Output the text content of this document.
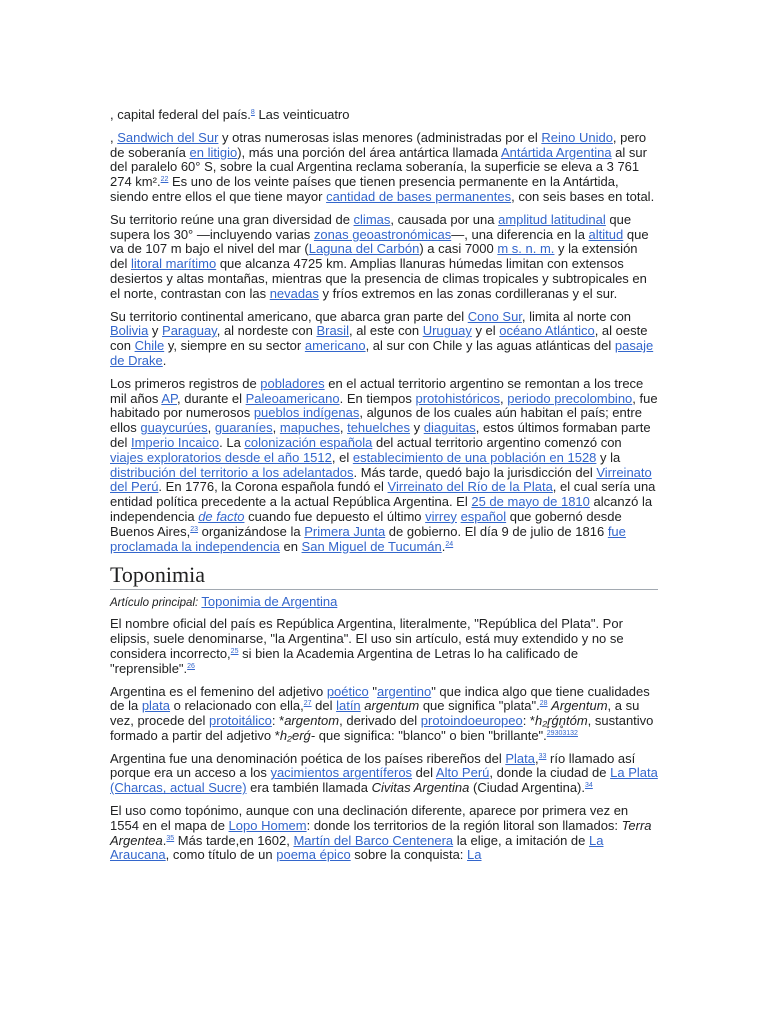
, capital federal del país.$^8$ Las veinticuatro

, Sandwich del Sur y otras numerosas islas menores (administradas por el Reino Unido, pero de soberanía en litigio), más una porción del área antártica llamada Antártida Argentina al sur del paralelo 60° S, sobre la cual Argentina reclama soberanía, la superficie se eleva a 3 761 274 km².$^{22}$ Es uno de los veinte países que tienen presencia permanente en la Antártida, siendo entre ellos el que tiene mayor cantidad de bases permanentes, con seis bases en total.

Su territorio reúne una gran diversidad de climas, causada por una amplitud latitudinal que supera los 30° —incluyendo varias zonas geoastronómicas—, una diferencia en la altitud que va de 107 m bajo el nivel del mar (Laguna del Carbón) a casi 7000 m s. n. m. y la extensión del litoral marítimo que alcanza 4725 km. Amplias llanuras húmedas limitan con extensos desiertos y altas montañas, mientras que la presencia de climas tropicales y subtropicales en el norte, contrastan con las nevadas y fríos extremos en las zonas cordilleranas y el sur.

Su territorio continental americano, que abarca gran parte del Cono Sur, limita al norte con Bolivia y Paraguay, al nordeste con Brasil, al este con Uruguay y el océano Atlántico, al oeste con Chile y, siempre en su sector americano, al sur con Chile y las aguas atlánticas del pasaje de Drake.

Los primeros registros de pobladores en el actual territorio argentino se remontan a los trece mil años AP, durante el Paleoamericano. En tiempos protohistóricos, periodo precolombino, fue habitado por numerosos pueblos indígenas, algunos de los cuales aún habitan el país; entre ellos guaycurúes, guaraníes, mapuches, tehuelches y diaguitas, estos últimos formaban parte del Imperio Incaico. La colonización española del actual territorio argentino comenzó con viajes exploratorios desde el año 1512, el establecimiento de una población en 1528 y la distribución del territorio a los adelantados. Más tarde, quedó bajo la jurisdicción del Virreinato del Perú. En 1776, la Corona española fundó el Virreinato del Río de la Plata, el cual sería una entidad política precedente a la actual República Argentina. El 25 de mayo de 1810 alcanzó la independencia de facto cuando fue depuesto el último virrey español que gobernó desde Buenos Aires,$^{23}$ organizándose la Primera Junta de gobierno. El día 9 de julio de 1816 fue proclamada la independencia en San Miguel de Tucumán.$^{24}$

Toponimia
Artículo principal: Toponimia de Argentina

El nombre oficial del país es República Argentina, literalmente, "República del Plata". Por elipsis, suele denominarse, "la Argentina". El uso sin artículo, está muy extendido y no se considera incorrecto,$^{25}$ si bien la Academia Argentina de Letras lo ha calificado de "reprensible".$^{26}$

Argentina es el femenino del adjetivo poético "argentino" que indica algo que tiene cualidades de la plata o relacionado con ella,$^{27}$ del latín argentum que significa "plata".$^{28}$ Argentum, a su vez, procede del protoitálico: *argentom, derivado del protoindoeuropeo: *h₂r̥ǵn̥tóm, sustantivo formado a partir del adjetivo *h₂erǵ- que significa: "blanco" o bien "brillante".$^{29303132}$

Argentina fue una denominación poética de los países ribereños del Plata,$^{33}$ río llamado así porque era un acceso a los yacimientos argentíferos del Alto Perú, donde la ciudad de La Plata (Charcas, actual Sucre) era también llamada Civitas Argentina (Ciudad Argentina).$^{34}$

El uso como topónimo, aunque con una declinación diferente, aparece por primera vez en 1554 en el mapa de Lopo Homem: donde los territorios de la región litoral son llamados: Terra Argentea.$^{35}$ Más tarde,en 1602, Martín del Barco Centenera la elige, a imitación de La Araucana, como título de un poema épico sobre la conquista: La
